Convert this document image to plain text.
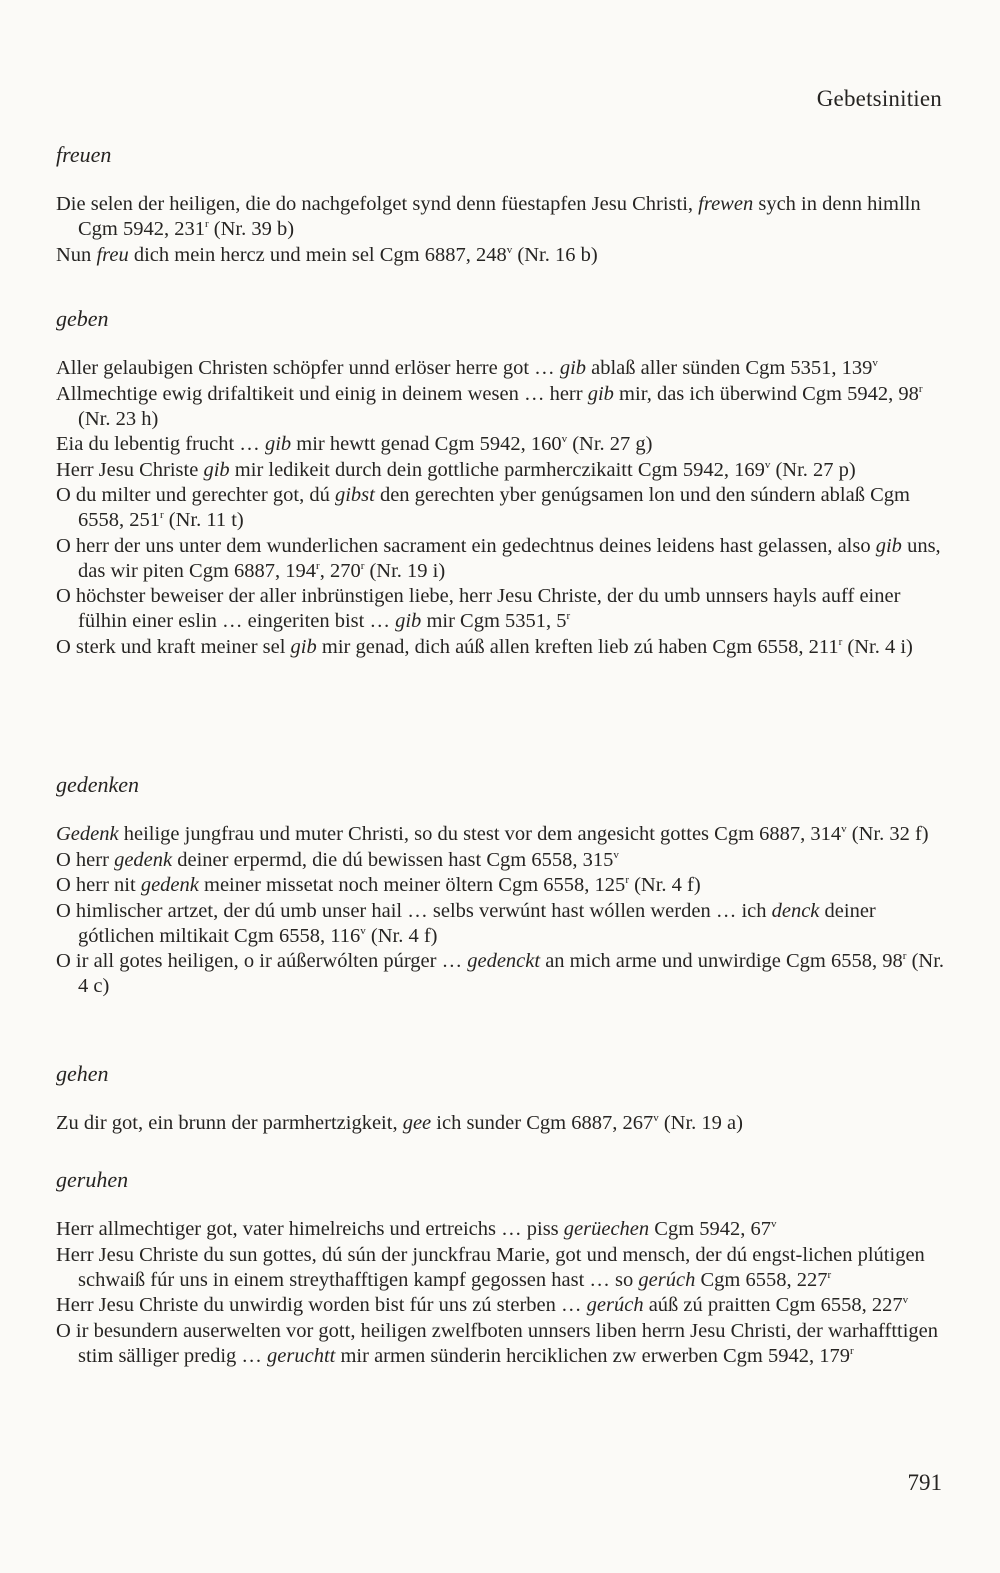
Gebetsinitien
freuen

Die selen der heiligen, die do nachgefolget synd denn füestapfen Jesu Christi, frewen sych in denn himlln Cgm 5942, 231$^r$ (Nr. 39 b)

Nun freu dich mein hercz und mein sel Cgm 6887, 248$^v$ (Nr. 16 b)

geben

Aller gelaubigen Christen schöpfer unnd erlöser herre got … gib ablaß aller sünden Cgm 5351, 139$^v$

Allmechtige ewig drifaltikeit und einig in deinem wesen … herr gib mir, das ich überwind Cgm 5942, 98$^r$ (Nr. 23 h)

Eia du lebentig frucht … gib mir hewtt genad Cgm 5942, 160$^v$ (Nr. 27 g)

Herr Jesu Christe gib mir ledikeit durch dein gottliche parmherczikaitt Cgm 5942, 169$^v$ (Nr. 27 p)

O du milter und gerechter got, dú gibst den gerechten yber genúgsamen lon und den súndern ablaß Cgm 6558, 251$^r$ (Nr. 11 t)

O herr der uns unter dem wunderlichen sacrament ein gedechtnus deines leidens hast gelassen, also gib uns, das wir piten Cgm 6887, 194$^r$, 270$^r$ (Nr. 19 i)

O höchster beweiser der aller inbrünstigen liebe, herr Jesu Christe, der du umb unnsers hayls auff einer fülhin einer eslin … eingeriten bist … gib mir Cgm 5351, 5$^r$

O sterk und kraft meiner sel gib mir genad, dich aúß allen kreften lieb zú haben Cgm 6558, 211$^r$ (Nr. 4 i)

gedenken

Gedenk heilige jungfrau und muter Christi, so du stest vor dem angesicht gottes Cgm 6887, 314$^v$ (Nr. 32 f)

O herr gedenk deiner erpermd, die dú bewissen hast Cgm 6558, 315$^v$

O herr nit gedenk meiner missetat noch meiner öltern Cgm 6558, 125$^r$ (Nr. 4 f)

O himlischer artzet, der dú umb unser hail … selbs verwúnt hast wóllen werden … ich denck deiner gótlichen miltikait Cgm 6558, 116$^v$ (Nr. 4 f)

O ir all gotes heiligen, o ir aúßerwólten púrger … gedenckt an mich arme und unwirdige Cgm 6558, 98$^r$ (Nr. 4 c)

gehen

Zu dir got, ein brunn der parmhertzigkeit, gee ich sunder Cgm 6887, 267$^v$ (Nr. 19 a)

geruhen

Herr allmechtiger got, vater himelreichs und ertreichs … piss gerüechen Cgm 5942, 67$^v$

Herr Jesu Christe du sun gottes, dú sún der junckfrau Marie, got und mensch, der dú engst-lichen plútigen schwaiß fúr uns in einem streythafftigen kampf gegossen hast … so gerúch Cgm 6558, 227$^r$

Herr Jesu Christe du unwirdig worden bist fúr uns zú sterben … gerúch aúß zú praitten Cgm 6558, 227$^v$

O ir besundern auserwelten vor gott, heiligen zwelfboten unnsers liben herrn Jesu Christi, der warhaffttigen stim sälliger predig … geruchtt mir armen sünderin herciklichen zw erwerben Cgm 5942, 179$^r$

791
